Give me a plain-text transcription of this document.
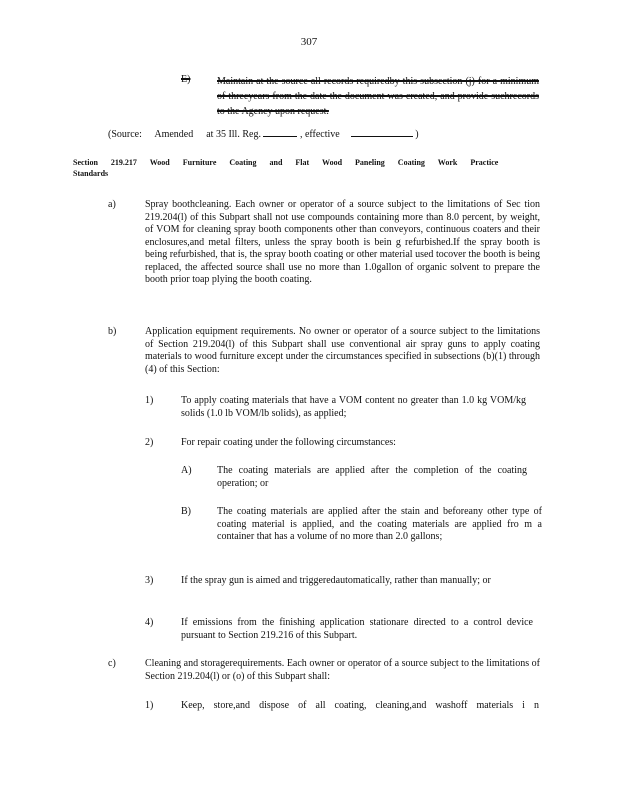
307
E)	Maintain at the source all records requiredby this subsection (j) for a minimum of threeyears from the date the document was created, and provide suchrecords to the Agency upon request.
(Source: Amended at 35 Ill. Reg.	, effective	)
Section 219.217 Wood Furniture Coating and Flat Wood Paneling Coating Work Practice
Standards
a)	Spray boothcleaning. Each owner or operator of a source subject to the limitations of Sec tion 219.204(l) of this Subpart shall not use compounds containing more than 8.0 percent, by weight, of VOM for cleaning spray booth components other than conveyors, continuous coaters and their enclosures,and metal filters, unless the spray booth is bein g refurbished.If the spray booth is being refurbished, that is, the spray booth coating or other material used tocover the booth is being replaced, the affected source shall use no more than 1.0gallon of organic solvent to prepare the booth prior toap plying the booth coating.
b)	Application equipment requirements. No owner or operator of a source subject to the limitations of Section 219.204(l) of this Subpart shall use conventional air spray guns to apply coating materials to wood furniture except under the circumstances specified in subsections (b)(1) through (4) of this Section:
1)	To apply coating materials that have a VOM content no greater than 1.0 kg VOM/kg solids (1.0 lb VOM/lb solids), as applied;
2)	For repair coating under the following circumstances:
A)	The coating materials are applied after the completion of the coating operation; or
B)	The coating materials are applied after the stain and beforeany other type of coating material is applied, and the coating materials are applied fro m a container that has a volume of no more than 2.0 gallons;
3)	If the spray gun is aimed and triggeredautomatically, rather than manually; or
4)	If emissions from the finishing application stationare directed to a control device pursuant to Section 219.216 of this Subpart.
c)	Cleaning and storagerequirements. Each owner or operator of a source subject to the limitations of Section 219.204(l) or (o) of this Subpart shall:
1)	Keep, store,and dispose of all coating, cleaning,and washoff materials i n
